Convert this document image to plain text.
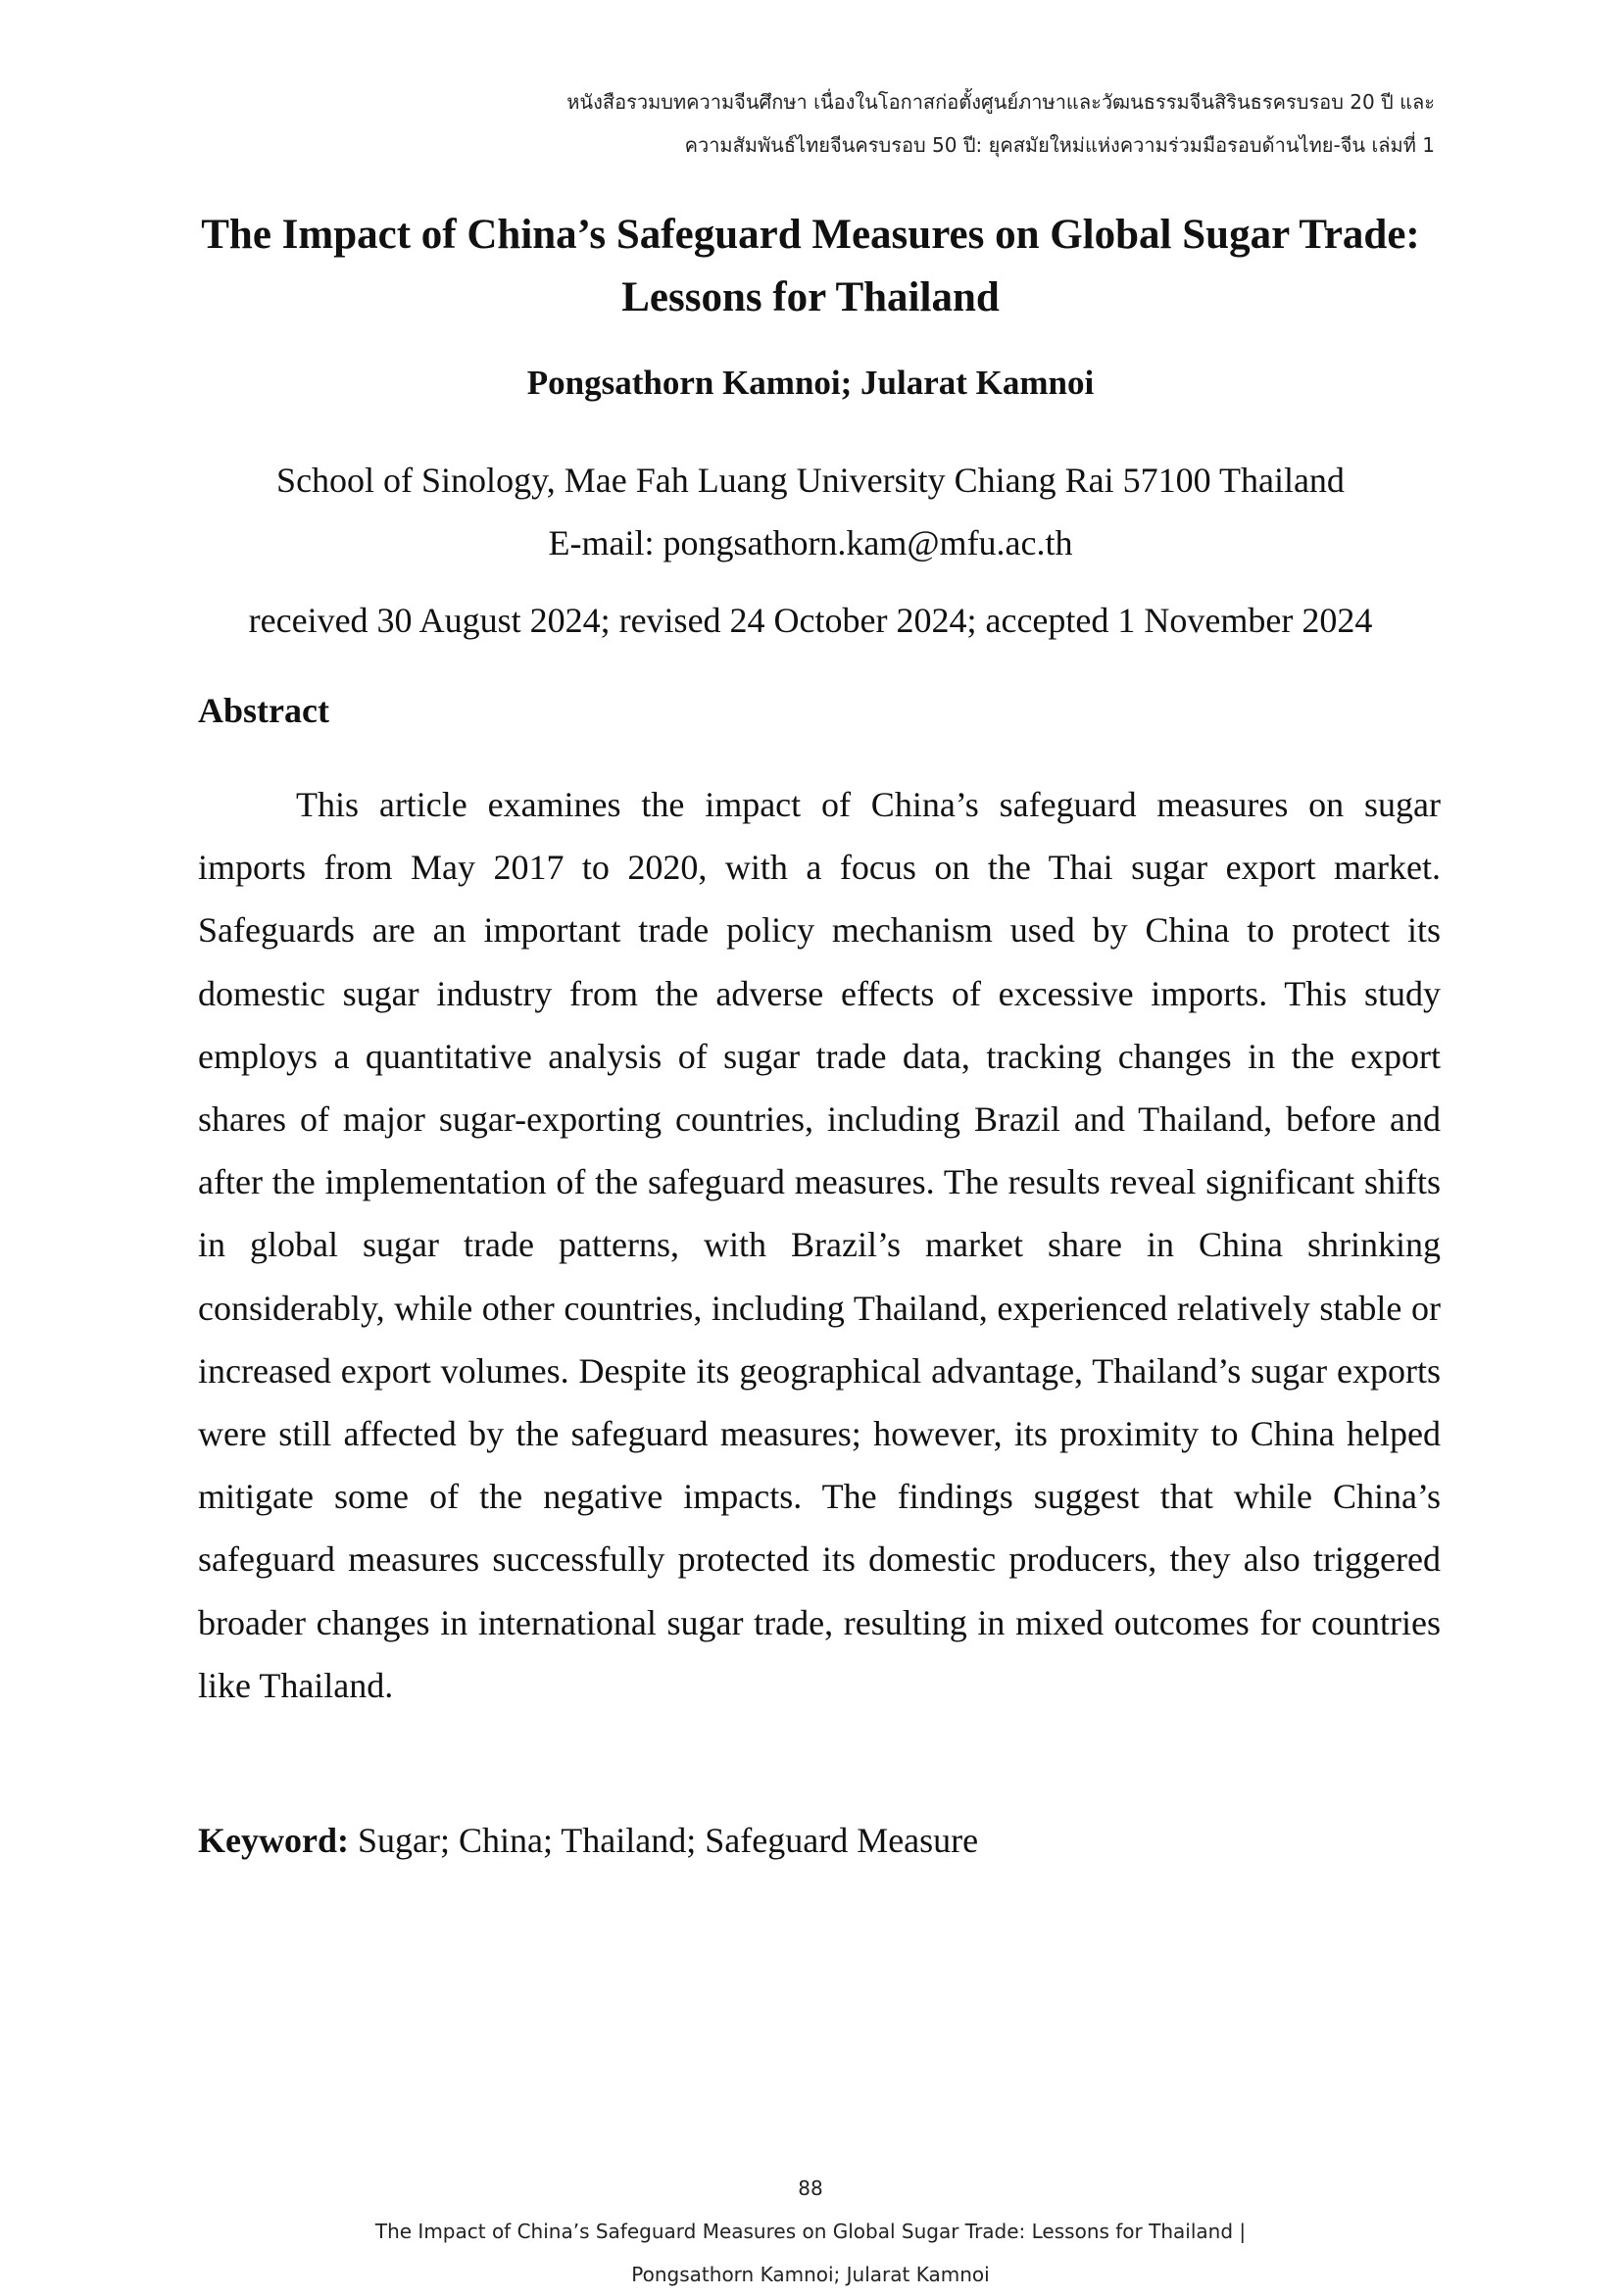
หนังสือรวมบทความจีนศึกษา เนื่องในโอกาสก่อตั้งศูนย์ภาษาและวัฒนธรรมจีนสิรินธรครบรอบ 20 ปี และ
ความสัมพันธ์ไทยจีนครบรอบ 50 ปี: ยุคสมัยใหม่แห่งความร่วมมือรอบด้านไทย-จีน เล่มที่ 1
The Impact of China’s Safeguard Measures on Global Sugar Trade:
Lessons for Thailand
Pongsathorn Kamnoi; Jularat Kamnoi
School of Sinology, Mae Fah Luang University Chiang Rai 57100 Thailand
E-mail: pongsathorn.kam@mfu.ac.th
received 30 August 2024; revised 24 October 2024; accepted 1 November 2024
Abstract

This article examines the impact of China’s safeguard measures on sugar imports from May 2017 to 2020, with a focus on the Thai sugar export market. Safeguards are an important trade policy mechanism used by China to protect its domestic sugar industry from the adverse effects of excessive imports. This study employs a quantitative analysis of sugar trade data, tracking changes in the export shares of major sugar-exporting countries, including Brazil and Thailand, before and after the implementation of the safeguard measures. The results reveal significant shifts in global sugar trade patterns, with Brazil’s market share in China shrinking considerably, while other countries, including Thailand, experienced relatively stable or increased export volumes. Despite its geographical advantage, Thailand’s sugar exports were still affected by the safeguard measures; however, its proximity to China helped mitigate some of the negative impacts. The findings suggest that while China’s safeguard measures successfully protected its domestic producers, they also triggered broader changes in international sugar trade, resulting in mixed outcomes for countries like Thailand.

Keyword: Sugar; China; Thailand; Safeguard Measure
88
The Impact of China’s Safeguard Measures on Global Sugar Trade: Lessons for Thailand |
Pongsathorn Kamnoi; Jularat Kamnoi
